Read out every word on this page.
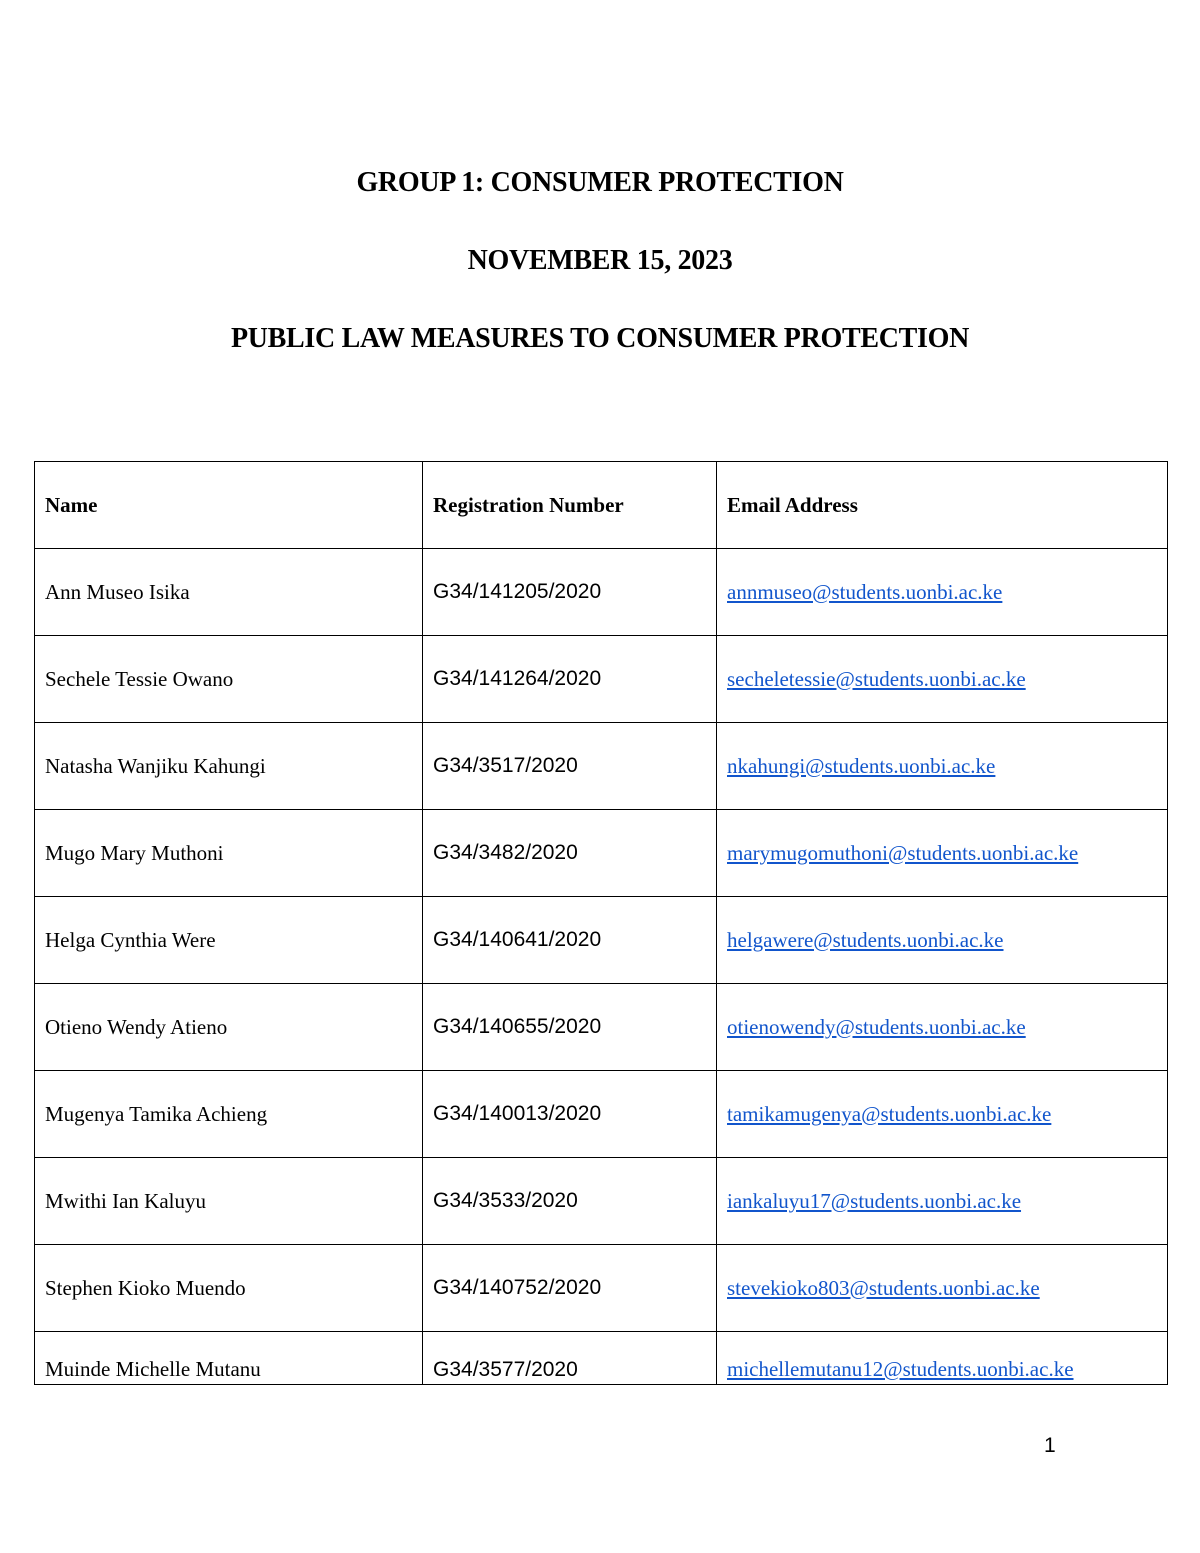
GROUP 1: CONSUMER PROTECTION
NOVEMBER 15, 2023
PUBLIC LAW MEASURES TO CONSUMER PROTECTION
Name	Registration Number	Email Address
Ann Museo Isika	G34/141205/2020	annmuseo@students.uonbi.ac.ke
Sechele Tessie Owano	G34/141264/2020	secheletessie@students.uonbi.ac.ke
Natasha Wanjiku Kahungi	G34/3517/2020	nkahungi@students.uonbi.ac.ke
Mugo Mary Muthoni	G34/3482/2020	marymugomuthoni@students.uonbi.ac.ke
Helga Cynthia Were	G34/140641/2020	helgawere@students.uonbi.ac.ke
Otieno Wendy Atieno	G34/140655/2020	otienowendy@students.uonbi.ac.ke
Mugenya Tamika Achieng	G34/140013/2020	tamikamugenya@students.uonbi.ac.ke
Mwithi Ian Kaluyu	G34/3533/2020	iankaluyu17@students.uonbi.ac.ke
Stephen Kioko Muendo	G34/140752/2020	stevekioko803@students.uonbi.ac.ke
Muinde Michelle Mutanu	G34/3577/2020	michellemutanu12@students.uonbi.ac.ke
1
